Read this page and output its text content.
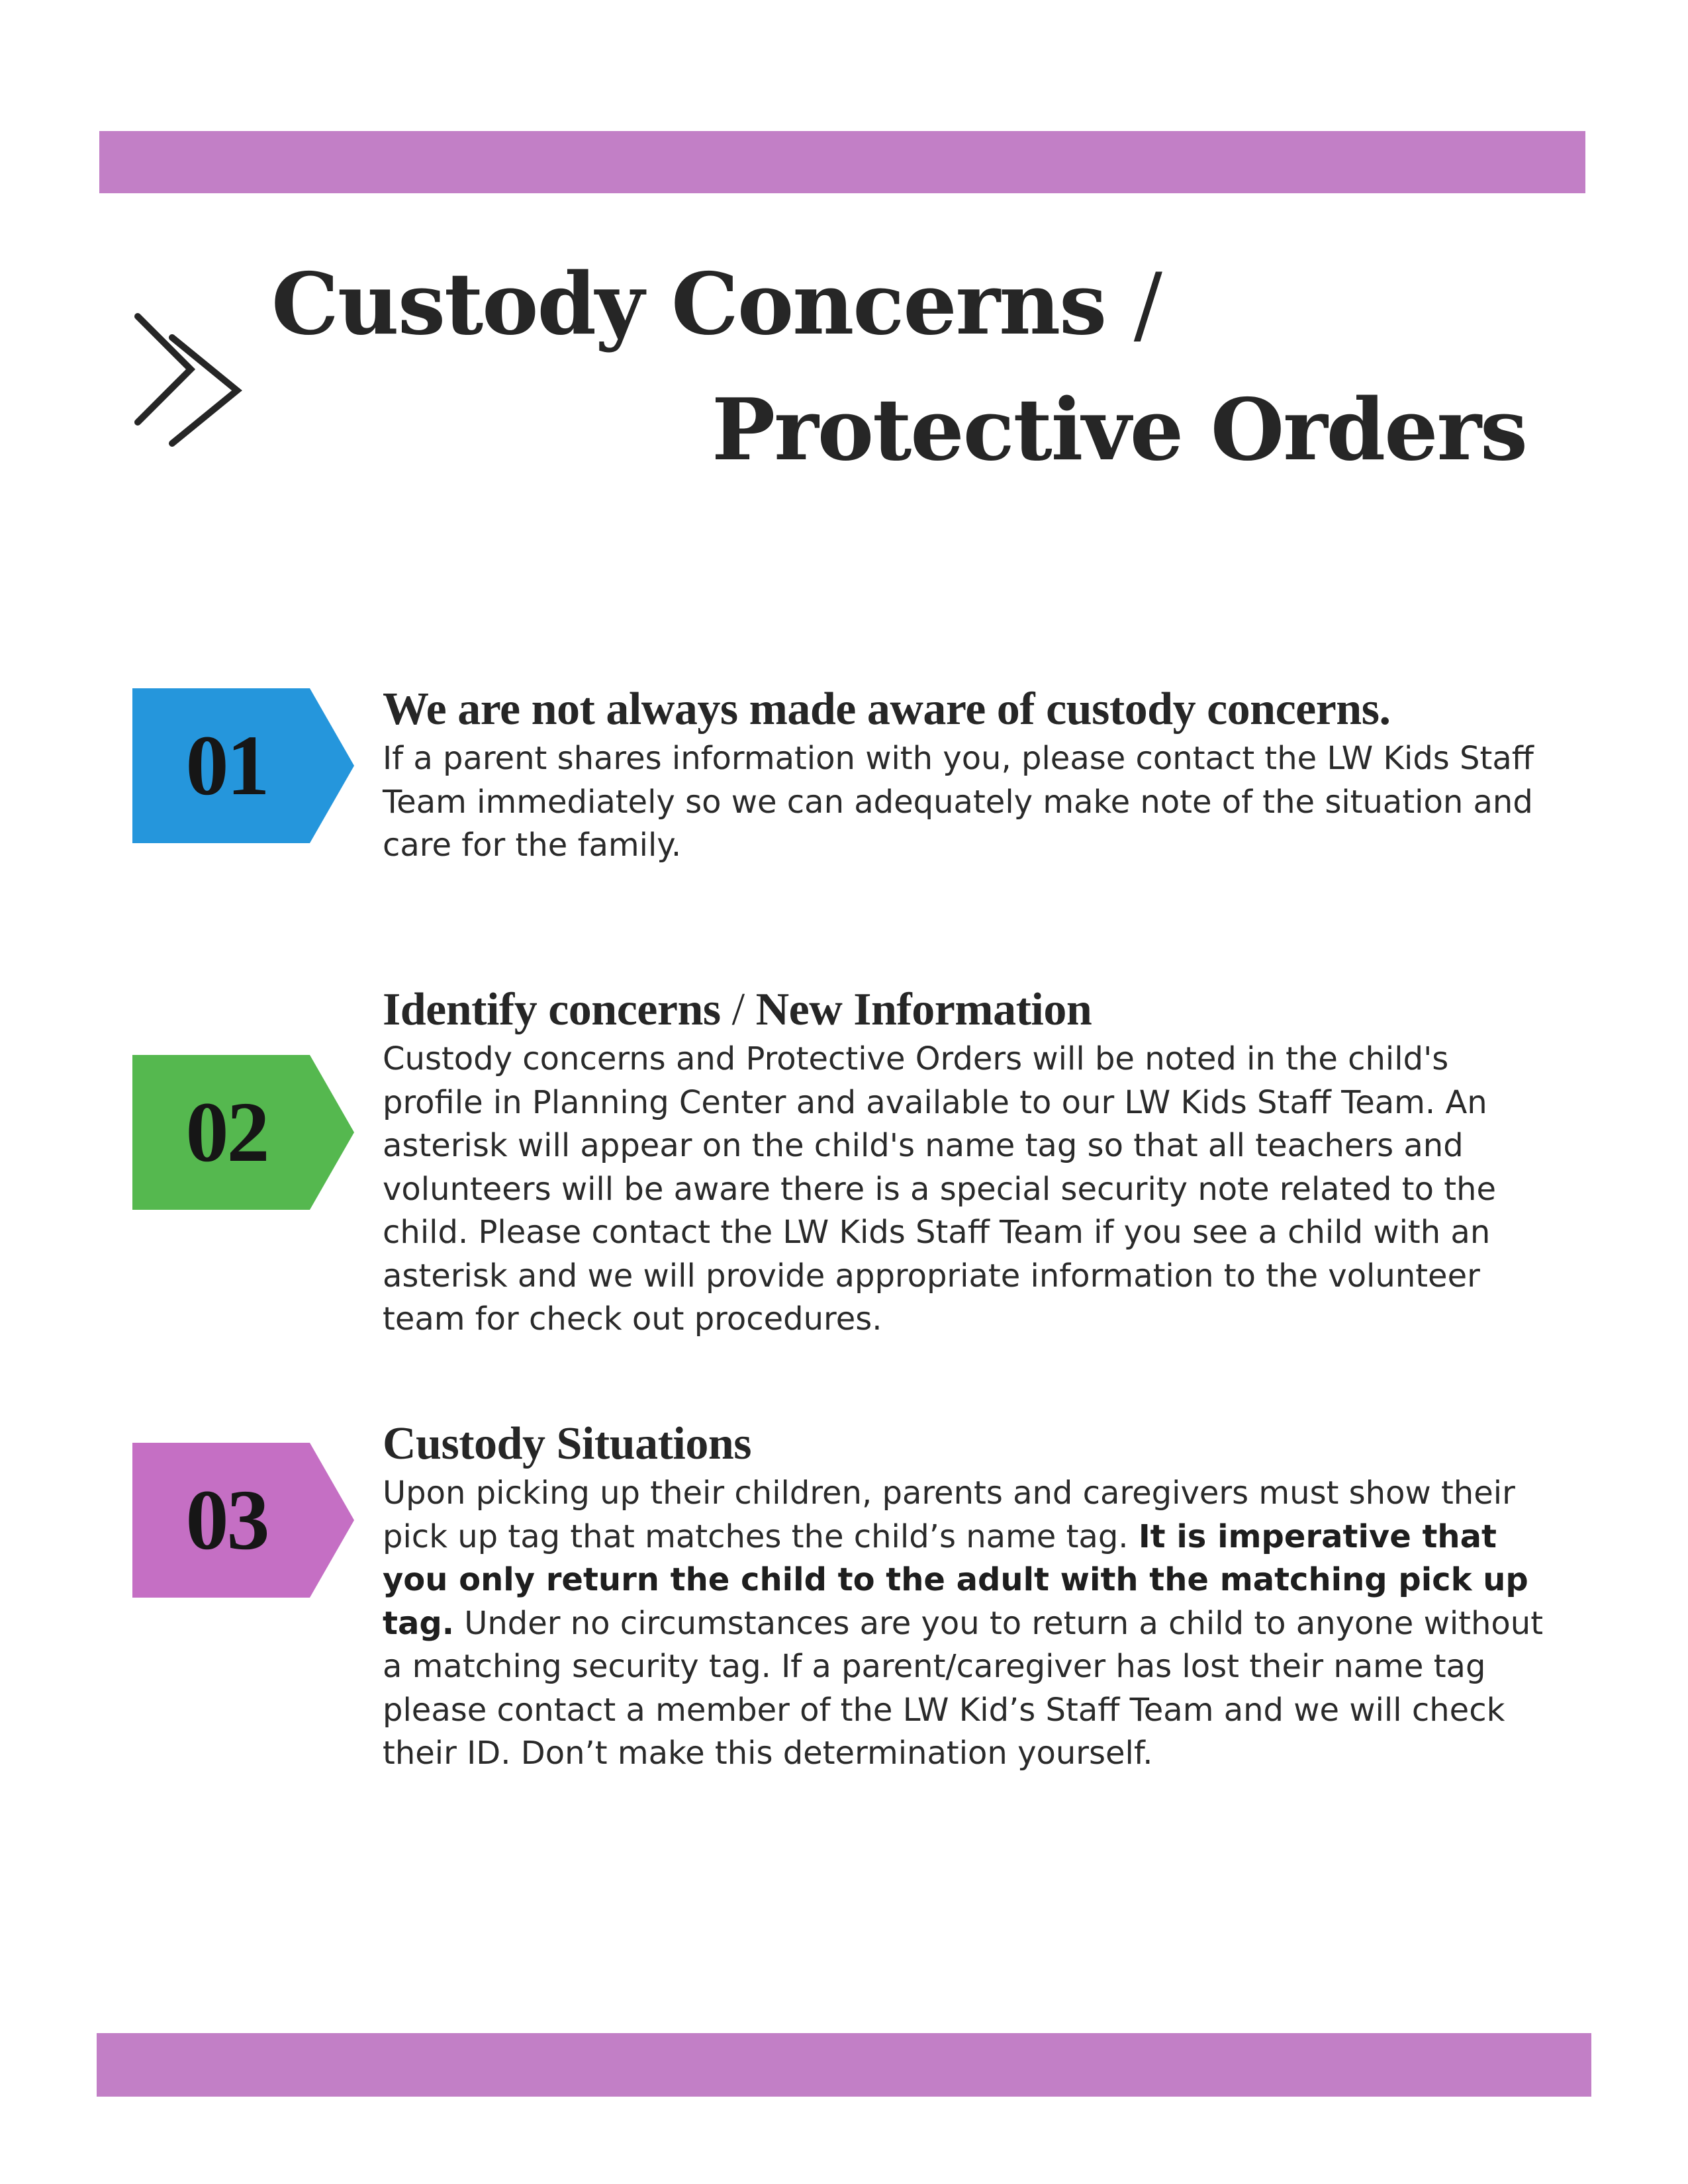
Custody Concerns /
Protective Orders
01
We are not always made aware of custody concerns.

If a parent shares information with you, please contact the LW Kids Staff Team immediately so we can adequately make note of the situation and care for the family.

02
Identify concerns / New Information

Custody concerns and Protective Orders will be noted in the child's profile in Planning Center and available to our LW Kids Staff Team. An asterisk will appear on the child's name tag so that all teachers and volunteers will be aware there is a special security note related to the child. Please contact the LW Kids Staff Team if you see a child with an asterisk and we will provide appropriate information to the volunteer team for check out procedures.

03
Custody Situations

Upon picking up their children, parents and caregivers must show their pick up tag that matches the child’s name tag. It is imperative that you only return the child to the adult with the matching pick up tag. Under no circumstances are you to return a child to anyone without a matching security tag. If a parent/caregiver has lost their name tag please contact a member of the LW Kid’s Staff Team and we will check their ID. Don’t make this determination yourself.
